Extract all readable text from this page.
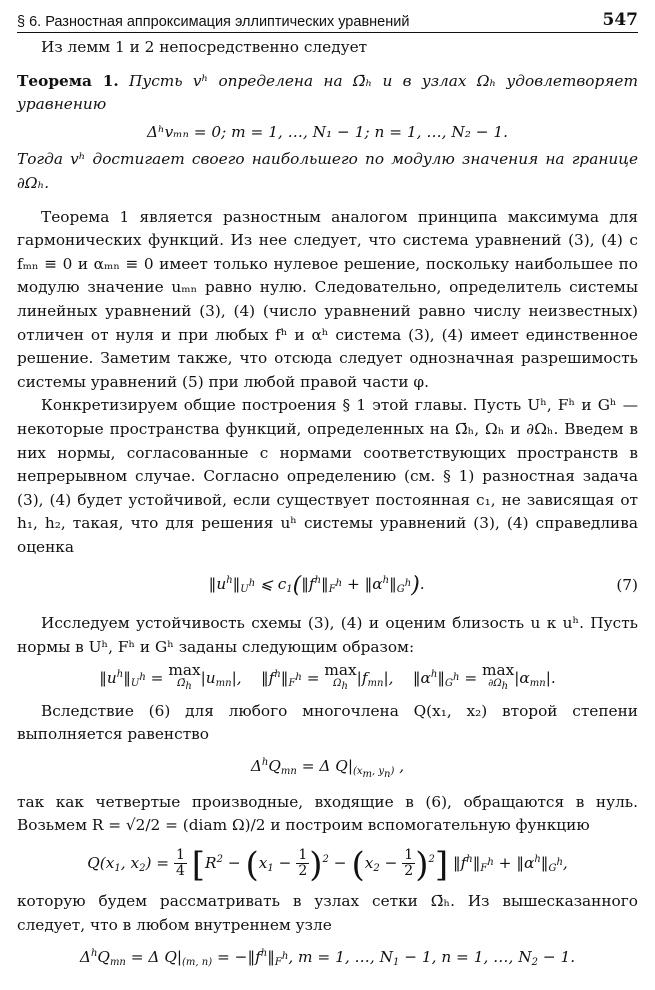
§ 6. Разностная аппроксимация эллиптических уравнений	547

Из лемм 1 и 2 непосредственно следует

Теорема 1. Пусть vʰ определена на Ω̄ₕ и в узлах Ωₕ удовлетворяет уравнению

Δʰvₘₙ = 0; m = 1, …, N₁ − 1; n = 1, …, N₂ − 1.

Тогда vʰ достигает своего наибольшего по модулю значения на границе ∂Ωₕ.

Теорема 1 является разностным аналогом принципа максимума для гармонических функций. Из нее следует, что система уравнений (3), (4) с fₘₙ ≡ 0 и αₘₙ ≡ 0 имеет только нулевое решение, поскольку наибольшее по модулю значение uₘₙ равно нулю. Следовательно, определитель системы линейных уравнений (3), (4) (число уравнений равно числу неизвестных) отличен от нуля и при любых fʰ и αʰ система (3), (4) имеет единственное решение. Заметим также, что отсюда следует однозначная разрешимость системы уравнений (5) при любой правой части φ.

Конкретизируем общие построения § 1 этой главы. Пусть Uʰ, Fʰ и Gʰ — некоторые пространства функций, определенных на Ω̄ₕ, Ωₕ и ∂Ωₕ. Введем в них нормы, согласованные с нормами соответствующих пространств в непрерывном случае. Согласно определению (см. § 1) разностная задача (3), (4) будет устойчивой, если существует постоянная c₁, не зависящая от h₁, h₂, такая, что для решения uʰ системы уравнений (3), (4) справедлива оценка

$‖u^h‖_{U^h}$ ⩽ $c_1(‖f^h‖_{F^h}$ + $‖\alpha^h‖_{G^h}$).	(7)

Исследуем устойчивость схемы (3), (4) и оценим близость u к uʰ. Пусть нормы в Uʰ, Fʰ и Gʰ заданы следующим образом:

$‖u^h‖_{U^h} = \max$
$\Omegā_h$ $|u_{mn}|$,    $‖f^h‖_{F^h} = \max$
$\Omega_h$ $|f_{mn}|$,    $‖\alpha^h‖_{G^h} = \max$
$\partial\Omega_h$ $|\alpha_{mn}|$.

Вследствие (6) для любого многочлена Q(x₁, x₂) второй степени выполняется равенство

$\Delta^hQ_{mn} = \Delta$ $Q|_{(x_m, y_n)}$ ,

так как четвертые производные, входящие в (6), обращаются в нуль. Возьмем R = √2/2 = (diam Ω)/2 и построим вспомогательную функцию

$Q(x_1$, $x_2) = \frac{1}{4} [R^2 - (x_1 - \frac{1}{2} )^2 - (x_2 - \frac{1}{2} )^2]$ $‖f^h‖_{F^h}$ + $‖\alpha^h‖_{G^h}$,

которую будем рассматривать в узлах сетки Ω̄ₕ. Из вышесказанного следует, что в любом внутреннем узле

$\Delta^hQ_{mn} = \Delta$ $Q|_{(m, n)}$ = $-‖f^h‖_{F^h}$, m = 1, …, $N_1 - 1$, n = 1, …, $N_2 - 1$.
